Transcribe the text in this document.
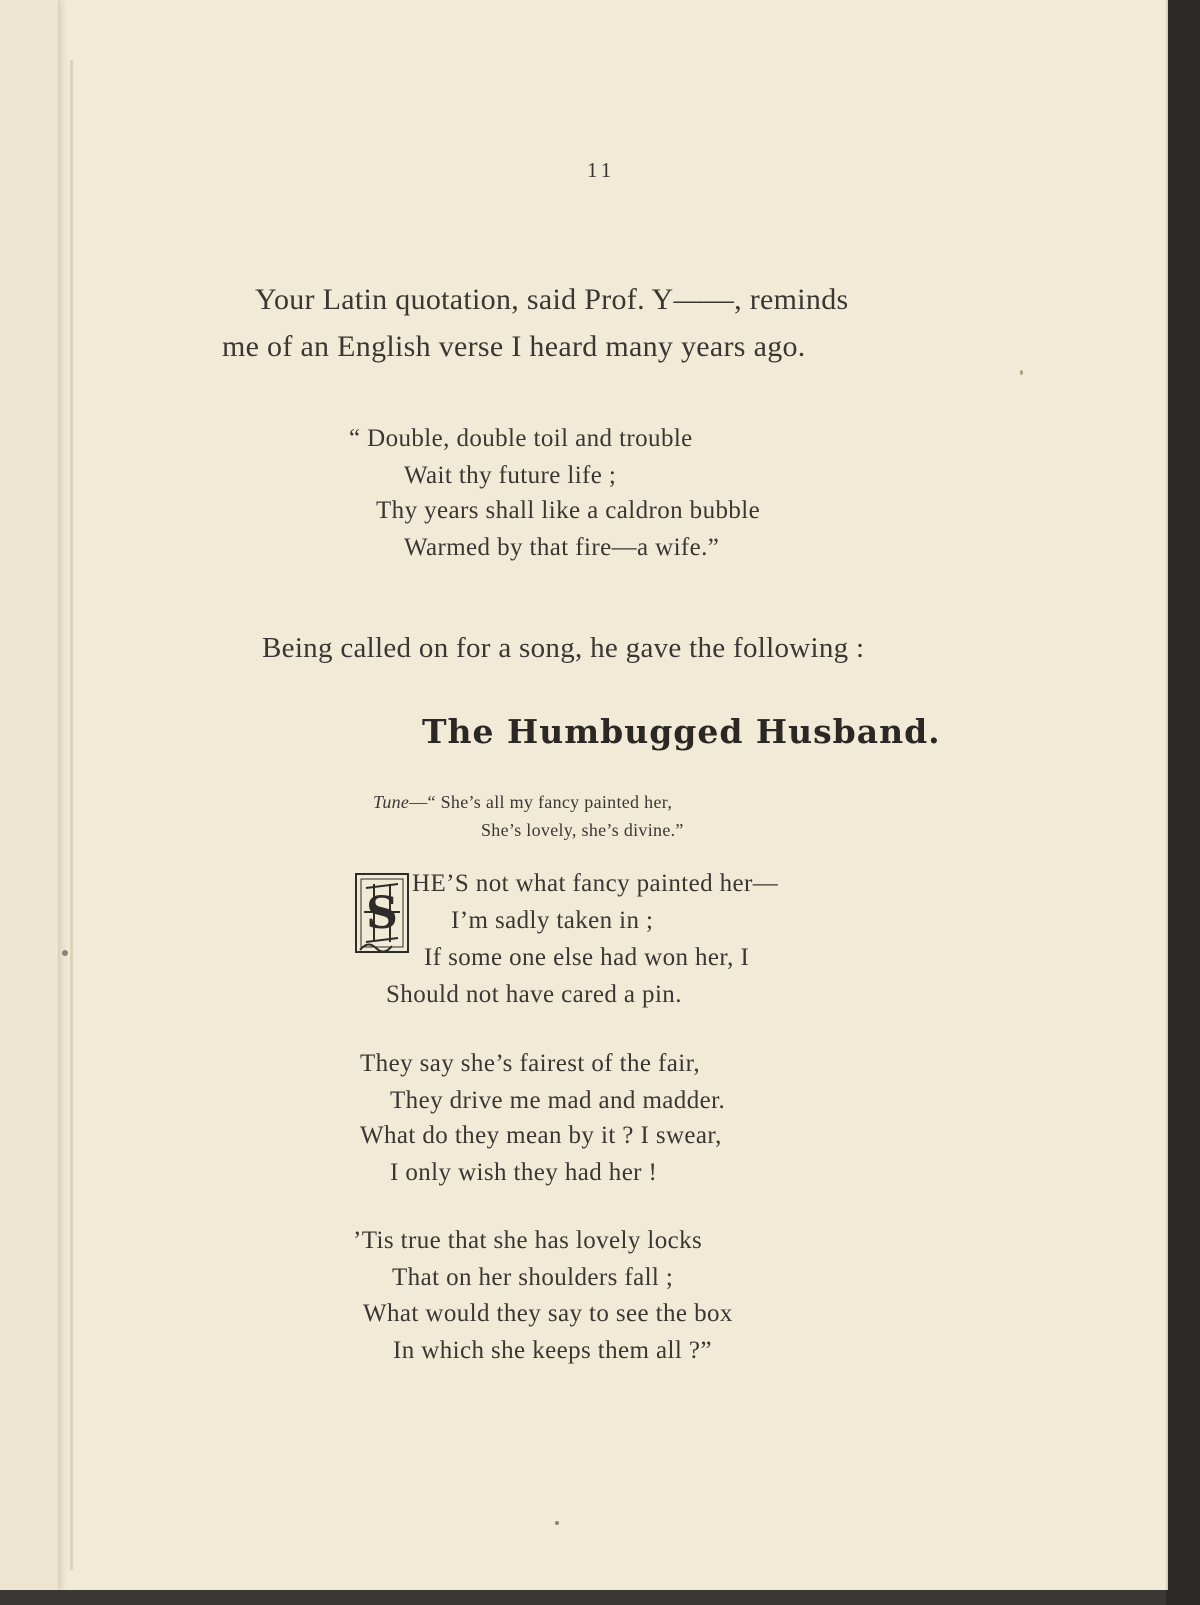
11
Your Latin quotation, said Prof. Y——, reminds
me of an English verse I heard many years ago.
“ Double, double toil and trouble
Wait thy future life ;
Thy years shall like a caldron bubble
Warmed by that fire—a wife.”
Being called on for a song, he gave the following :
The Humbugged Husband.
Tune—“ She’s all my fancy painted her,
She’s lovely, she’s divine.”
S
HE’S not what fancy painted her—
I’m sadly taken in ;
If some one else had won her, I
Should not have cared a pin.
They say she’s fairest of the fair,
They drive me mad and madder.
What do they mean by it ? I swear,
I only wish they had her !
’Tis true that she has lovely locks
That on her shoulders fall ;
What would they say to see the box
In which she keeps them all ?”
